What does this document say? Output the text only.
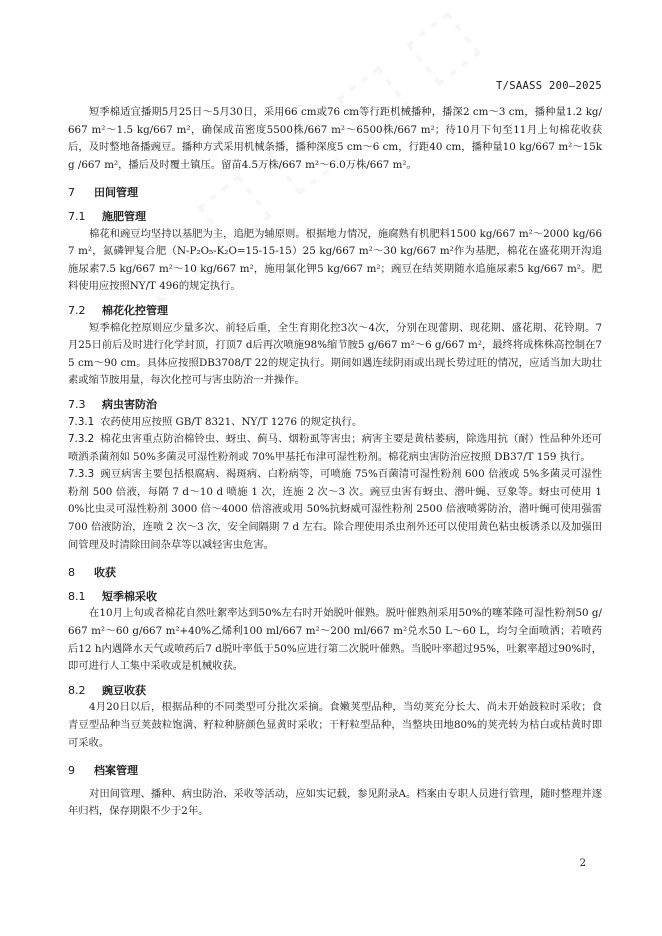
T/SAASS 200—2025

短季棉适宜播期5月25日～5月30日，采用66 cm或76 cm等行距机械播种，播深2 cm～3 cm，播种量1.2 kg/667 m²～1.5 kg/667 m²，确保成苗密度5500株/667 m²～6500株/667 m²；待10月下旬至11月上旬棉花收获后，及时整地备播豌豆。播种方式采用机械条播，播种深度5 cm～6 cm，行距40 cm，播种量10 kg/667 m²～15kg /667 m²，播后及时覆土镇压。留苗4.5万株/667 m²～6.0万株/667 m²。

7 田间管理

7.1 施肥管理

棉花和豌豆均坚持以基肥为主，追肥为辅原则。根据地力情况，施腐熟有机肥料1500 kg/667 m²～2000 kg/667 m²，氮磷钾复合肥（N-P₂O₅-K₂O=15-15-15）25 kg/667 m²～30 kg/667 m²作为基肥，棉花在盛花期开沟追施尿素7.5 kg/667 m²～10 kg/667 m²，施用氯化钾5 kg/667 m²；豌豆在结荚期随水追施尿素5 kg/667 m²。肥料使用应按照NY/T 496的规定执行。

7.2 棉花化控管理

短季棉化控原则应少量多次、前轻后重，全生育期化控3次～4次，分别在现蕾期、现花期、盛花期、花铃期。7月25日前后及时进行化学封顶，打顶7 d后再次喷施98%缩节胺5 g/667 m²～6 g/667 m²，最终将成株株高控制在75 cm～90 cm。具体应按照DB3708/T 22的规定执行。期间如遇连续阴雨或出现长势过旺的情况，应适当加大助壮素或缩节胺用量，每次化控可与害虫防治一并操作。

7.3 病虫害防治

7.3.1 农药使用应按照 GB/T 8321、NY/T 1276 的规定执行。

7.3.2 棉花虫害重点防治棉铃虫、蚜虫、蓟马、烟粉虱等害虫；病害主要是黄枯萎病，除选用抗（耐）性品种外还可喷洒杀菌剂如 50%多菌灵可湿性粉剂或 70%甲基托布津可湿性粉剂。棉花病虫害防治应按照 DB37/T 159 执行。

7.3.3 豌豆病害主要包括根腐病、褐斑病、白粉病等，可喷施 75%百菌清可湿性粉剂 600 倍液或 5%多菌灵可湿性粉剂 500 倍液，每隔 7 d～10 d 喷施 1 次，连施 2 次～3 次。豌豆虫害有蚜虫、潜叶蝇、豆象等。蚜虫可使用 10%比虫灵可湿性粉剂 3000 倍～4000 倍溶液或用 50%抗蚜威可湿性粉剂 2500 倍液喷雾防治，潜叶蝇可使用强雷 700 倍液防治，连喷 2 次～3 次，安全间隔期 7 d 左右。除合理使用杀虫剂外还可以使用黄色粘虫板诱杀以及加强田间管理及时清除田间杂草等以减轻害虫危害。

8 收获

8.1 短季棉采收

在10月上旬或者棉花自然吐絮率达到50%左右时开始脱叶催熟。脱叶催熟剂采用50%的噻苯隆可湿性粉剂50 g/667 m²～60 g/667 m²+40%乙烯利100 ml/667 m²～200 ml/667 m²兑水50 L～60 L，均匀全面喷洒；若喷药后12 h内遇降水天气或喷药后7 d脱叶率低于50%应进行第二次脱叶催熟。当脱叶率超过95%，吐絮率超过90%时，即可进行人工集中采收或是机械收获。

8.2 豌豆收获

4月20日以后，根据品种的不同类型可分批次采摘。食嫩荚型品种，当幼荚充分长大、尚未开始鼓粒时采收；食青豆型品种当豆荚鼓粒饱满、籽粒种脐颜色显黄时采收；干籽粒型品种，当整块田地80%的荚壳转为枯白或枯黄时即可采收。

9 档案管理

对田间管理、播种、病虫防治、采收等活动，应如实记载，参见附录A。档案由专职人员进行管理，随时整理并逐年归档，保存期限不少于2年。

2
